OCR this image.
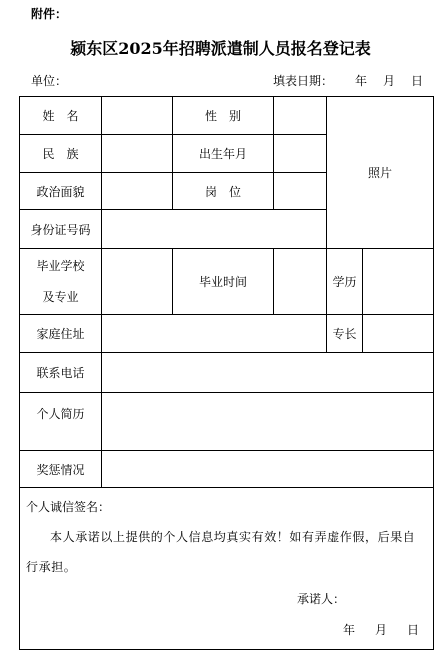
附件：
颍东区2025年招聘派遣制人员报名登记表
单位：	填表日期： 年 月 日
姓　名		性　别		照片	
民　族		出生年月			
政治面貌		岗　位			
身份证号码					

毕业学校
及专业		毕业时间		学历	
家庭住址				专长	
联系电话					
个人简历					
奖惩情况					

个人诚信签名：
本人承诺以上提供的个人信息均真实有效！如有弄虚作假，后果自行承担。
承诺人：
年 月 日					
